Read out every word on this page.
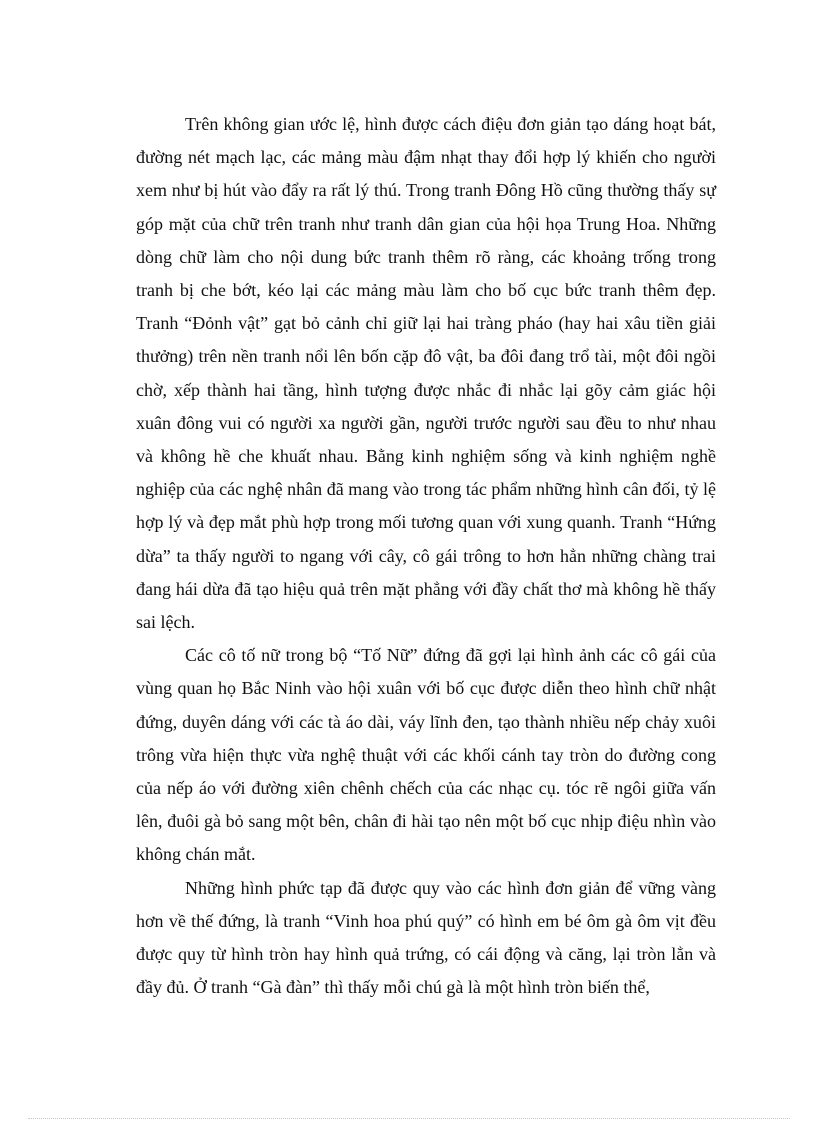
Trên không gian ước lệ, hình được cách điệu đơn giản tạo dáng hoạt bát, đường nét mạch lạc, các mảng màu đậm nhạt thay đổi hợp lý khiến cho người xem như bị hút vào đẩy ra rất lý thú. Trong tranh Đông Hồ cũng thường thấy sự góp mặt của chữ trên tranh như tranh dân gian của hội họa Trung Hoa. Những dòng chữ làm cho nội dung bức tranh thêm rõ ràng, các khoảng trống trong tranh bị che bớt, kéo lại các mảng màu làm cho bố cục bức tranh thêm đẹp. Tranh “Đỏnh vật” gạt bỏ cảnh chỉ giữ lại hai tràng pháo (hay hai xâu tiền giải thưởng) trên nền tranh nổi lên bốn cặp đô vật, ba đôi đang trổ tài, một đôi ngồi chờ, xếp thành hai tầng, hình tượng được nhắc đi nhắc lại gõy cảm giác hội xuân đông vui có người xa người gần, người trước người sau đều to như nhau và không hề che khuất nhau. Bằng kinh nghiệm sống và kinh nghiệm nghề nghiệp của các nghệ nhân đã mang vào trong tác phẩm những hình cân đối, tỷ lệ hợp lý và đẹp mắt phù hợp trong mối tương quan với xung quanh. Tranh “Hứng dừa” ta thấy người to ngang với cây, cô gái trông to hơn hẳn những chàng trai đang hái dừa đã tạo hiệu quả trên mặt phẳng với đầy chất thơ mà không hề thấy sai lệch.

Các cô tố nữ trong bộ “Tố Nữ” đứng đã gợi lại hình ảnh các cô gái của vùng quan họ Bắc Ninh vào hội xuân với bố cục được diễn theo hình chữ nhật đứng, duyên dáng với các tà áo dài, váy lĩnh đen, tạo thành nhiều nếp chảy xuôi trông vừa hiện thực vừa nghệ thuật với các khối cánh tay tròn do đường cong của nếp áo với đường xiên chênh chếch của các nhạc cụ. tóc rẽ ngôi giữa vấn lên, đuôi gà bỏ sang một bên, chân đi hài tạo nên một bố cục nhịp điệu nhìn vào không chán mắt.

Những hình phức tạp đã được quy vào các hình đơn giản để vững vàng hơn về thế đứng, là tranh “Vinh hoa phú quý” có hình em bé ôm gà ôm vịt đều được quy từ hình tròn hay hình quả trứng, có cái động và căng, lại tròn lẳn và đầy đủ. Ở tranh “Gà đàn” thì thấy mỗi chú gà là một hình tròn biến thể,
